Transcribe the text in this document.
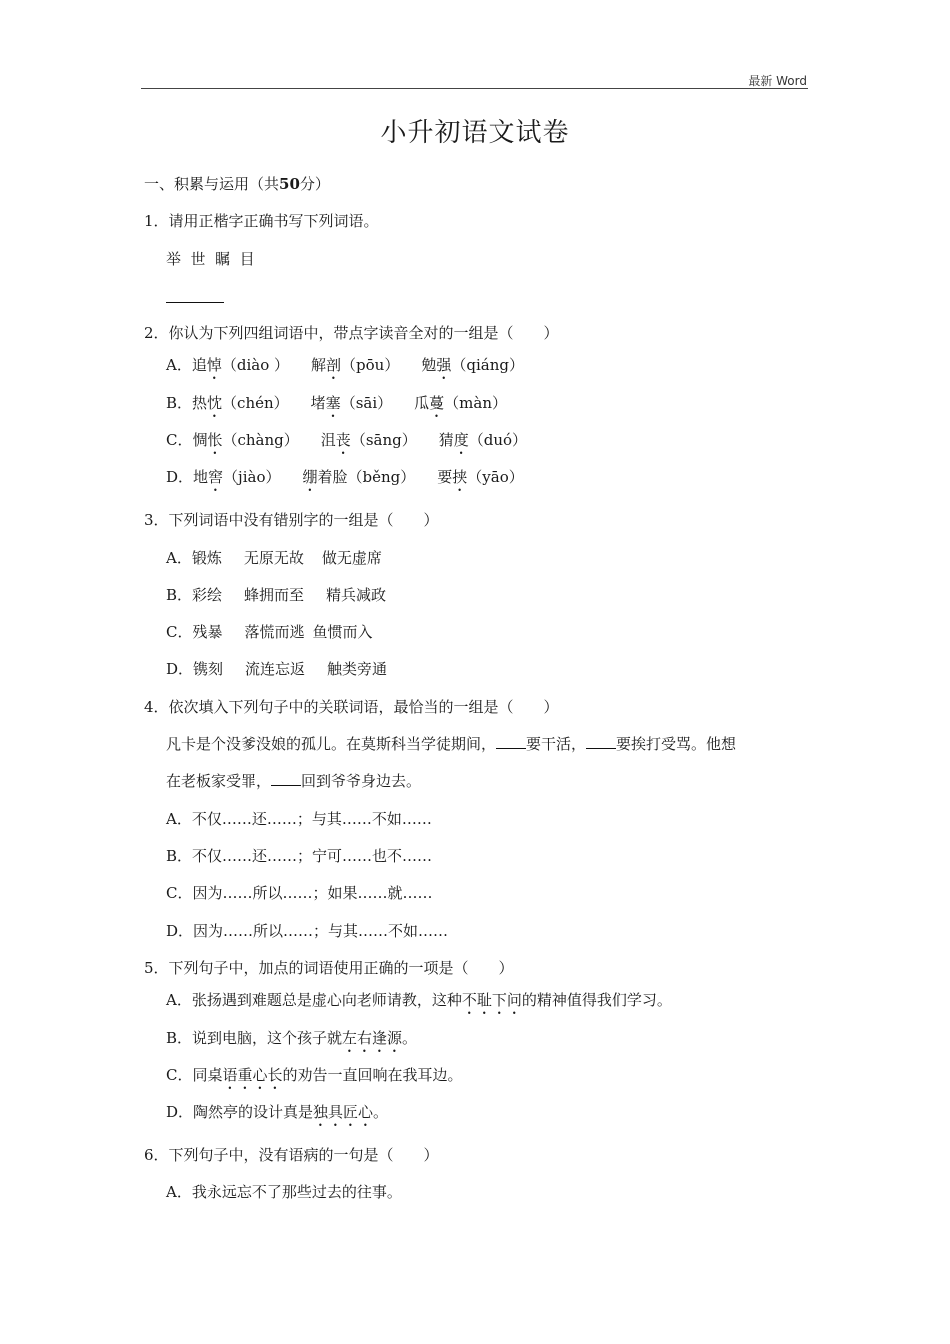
最新 Word
小升初语文试卷
一、积累与运用（共50分）
1．请用正楷字正确书写下列词语。
举  世  瞩  目
2．你认为下列四组词语中，带点字读音全对的一组是（　　）
A．追悼（diào ） 解剖（pōu） 勉强（qiáng）
B．热忱（chén） 堵塞（sāi） 瓜蔓（màn）
C．惆怅（chàng） 沮丧（sāng） 猜度（duó）
D．地窖（jiào） 绷着脸（běng） 要挟（yāo）
3．下列词语中没有错别字的一组是（　　）
A．锻炼 无原无故 做无虚席
B．彩绘 蜂拥而至 精兵减政
C．残暴 落慌而逃 鱼惯而入
D．镌刻 流连忘返 触类旁通
4．依次填入下列句子中的关联词语，最恰当的一组是（　　）
凡卡是个没爹没娘的孤儿。在莫斯科当学徒期间， 要干活， 要挨打受骂。他想
在老板家受罪， 回到爷爷身边去。
A．不仅……还……；与其……不如……
B．不仅……还……；宁可……也不……
C．因为……所以……；如果……就……
D．因为……所以……；与其……不如……
5．下列句子中，加点的词语使用正确的一项是（　　）
A．张扬遇到难题总是虚心向老师请教，这种不耻下问的精神值得我们学习。
B．说到电脑，这个孩子就左右逢源。
C．同桌语重心长的劝告一直回响在我耳边。
D．陶然亭的设计真是独具匠心。
6．下列句子中，没有语病的一句是（　　）
A．我永远忘不了那些过去的往事。
